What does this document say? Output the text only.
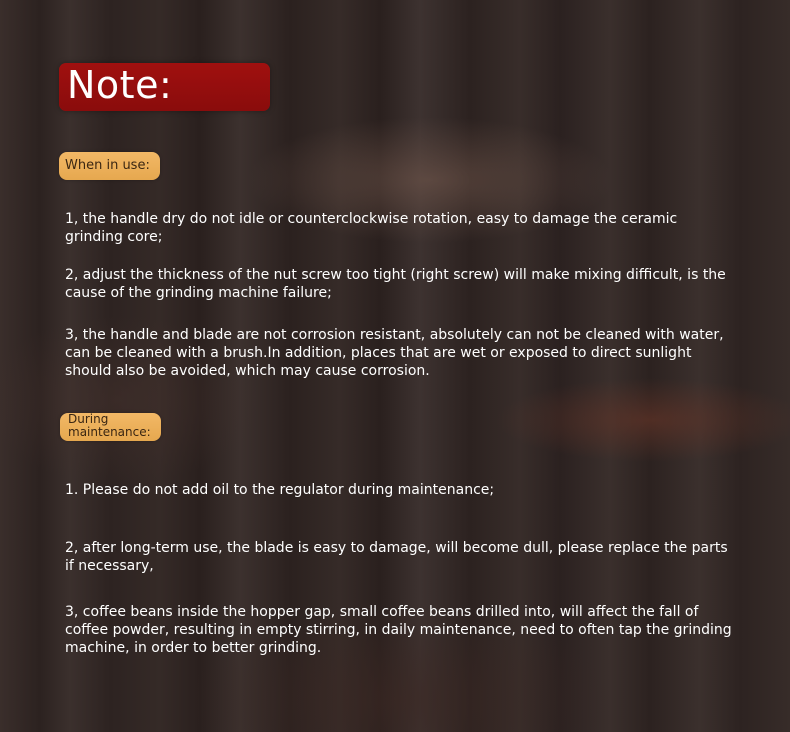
Note:
When in use:

1, the handle dry do not idle or counterclockwise rotation, easy to damage the ceramic grinding core;

2, adjust the thickness of the nut screw too tight (right screw) will make mixing difficult, is the cause of the grinding machine failure;

3, the handle and blade are not corrosion resistant, absolutely can not be cleaned with water, can be cleaned with a brush.In addition, places that are wet or exposed to direct sunlight should also be avoided, which may cause corrosion.

During maintenance:

1. Please do not add oil to the regulator during maintenance;

2, after long-term use, the blade is easy to damage, will become dull, please replace the parts if necessary,

3, coffee beans inside the hopper gap, small coffee beans drilled into, will affect the fall of coffee powder, resulting in empty stirring, in daily maintenance, need to often tap the grinding machine, in order to better grinding.
